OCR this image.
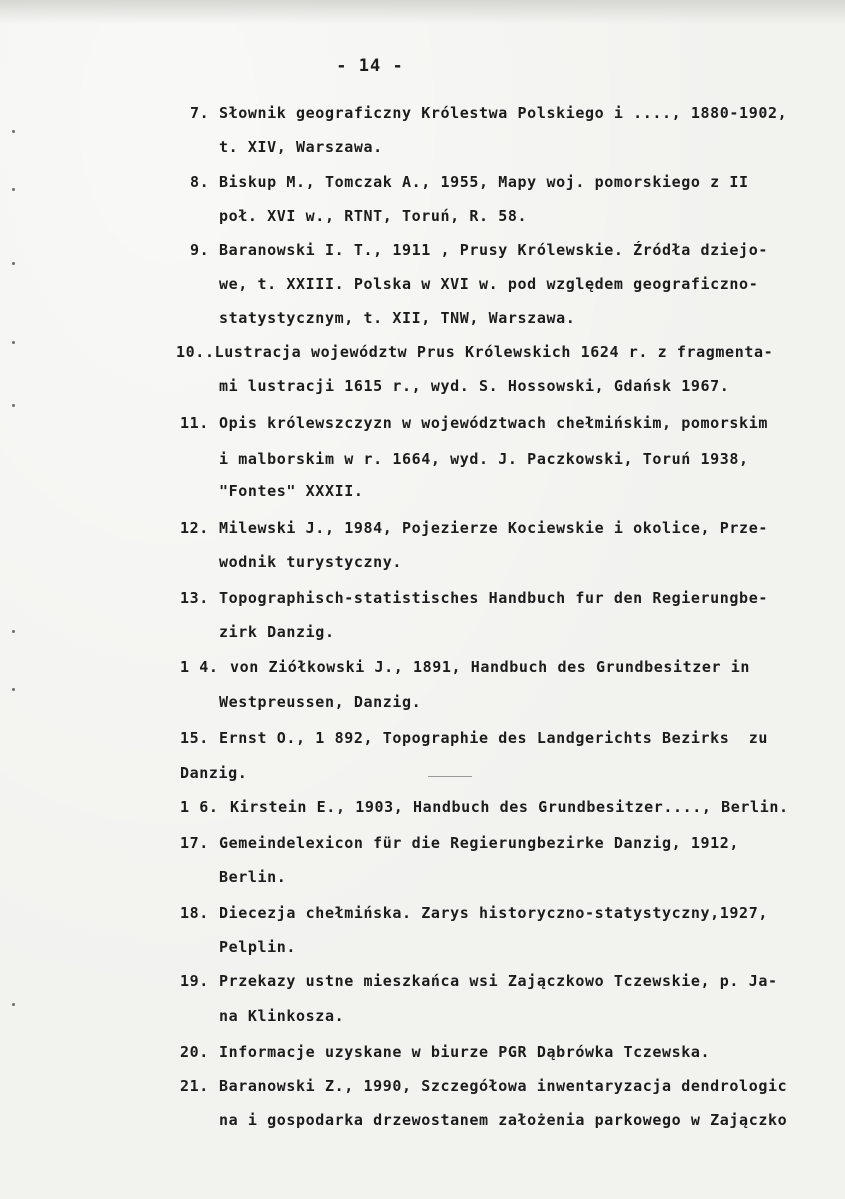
- 14 -
7. Słownik geograficzny Królestwa Polskiego i ...., 1880-1902,
t. XIV, Warszawa.
8. Biskup M., Tomczak A., 1955, Mapy woj. pomorskiego z II
poł. XVI w., RTNT, Toruń, R. 58.
9. Baranowski I. T., 1911 , Prusy Królewskie. Źródła dziejo-
we, t. XXIII. Polska w XVI w. pod względem geograficzno-
statystycznym, t. XII, TNW, Warszawa.
10. .Lustracja województw Prus Królewskich 1624 r. z fragmenta-
mi lustracji 1615 r., wyd. S. Hossowski, Gdańsk 1967.
11. Opis królewszczyzn w województwach chełmińskim, pomorskim
i malborskim w r. 1664, wyd. J. Paczkowski, Toruń 1938,
"Fontes" XXXII.
12. Milewski J., 1984, Pojezierze Kociewskie i okolice, Prze-
wodnik turystyczny.
13. Topographisch-statistisches Handbuch fur den Regierungbe-
zirk Danzig.
1 4. von Ziółkowski J., 1891, Handbuch des Grundbesitzer in
Westpreussen, Danzig.
15. Ernst O., 1 892, Topographie des Landgerichts Bezirks  zu
Danzig.
1 6. Kirstein E., 1903, Handbuch des Grundbesitzer...., Berlin.
17. Gemeindelexicon für die Regierungbezirke Danzig, 1912,
Berlin.
18. Diecezja chełmińska. Zarys historyczno-statystyczny,1927,
Pelplin.
19. Przekazy ustne mieszkańca wsi Zajączkowo Tczewskie, p. Ja-
na Klinkosza.
20. Informacje uzyskane w biurze PGR Dąbrówka Tczewska.
21. Baranowski Z., 1990, Szczegółowa inwentaryzacja dendrologic
na i gospodarka drzewostanem założenia parkowego w Zajączko
